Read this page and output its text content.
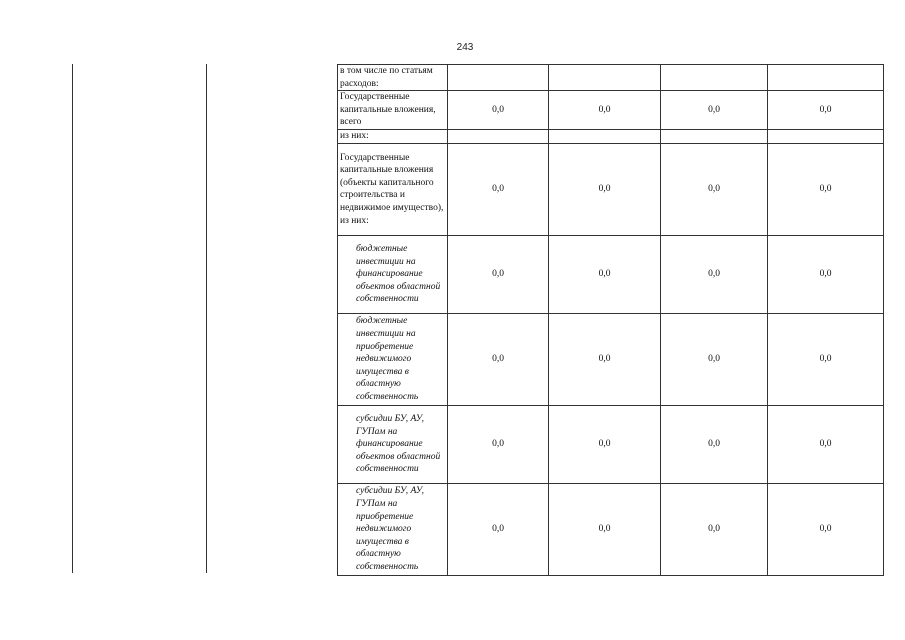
243
в том числе по статьям расходов:				
Государственные капитальные вложения, всего	0,0	0,0	0,0	0,0
из них:				
Государственные капитальные вложения (объекты капитального строительства и недвижимое имущество), из них:	0,0	0,0	0,0	0,0
бюджетные инвестиции на финансирование объектов областной собственности	0,0	0,0	0,0	0,0
бюджетные инвестиции на приобретение недвижимого имущества в областную собственность	0,0	0,0	0,0	0,0
субсидии БУ, АУ, ГУПам на финансирование объектов областной собственности	0,0	0,0	0,0	0,0
субсидии БУ, АУ, ГУПам на приобретение недвижимого имущества в областную собственность	0,0	0,0	0,0	0,0
